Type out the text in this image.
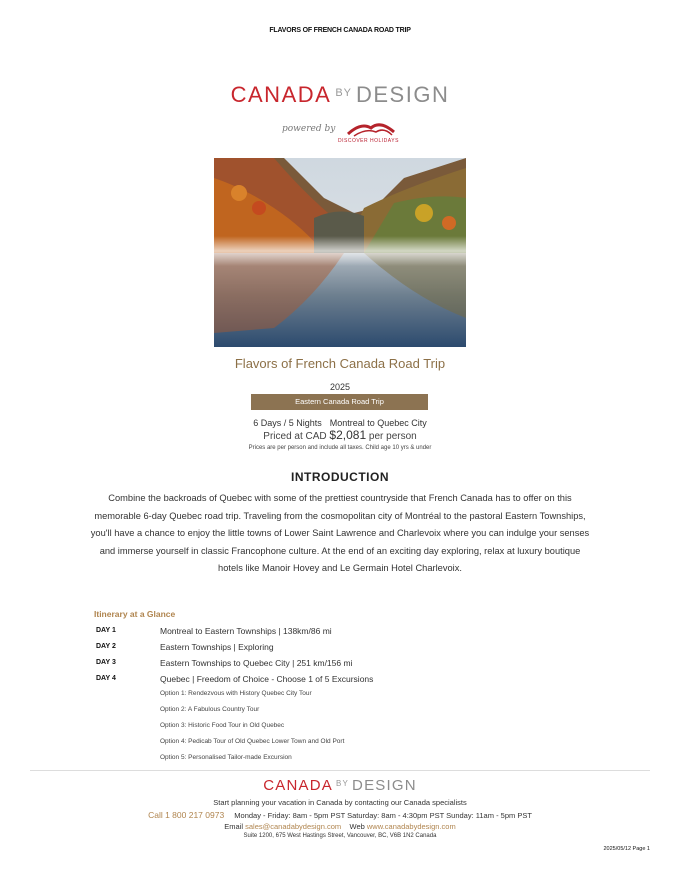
FLAVORS OF FRENCH CANADA ROAD TRIP
CANADA $^{BY}$ DESIGN
powered by
DISCOVER HOLIDAYS
Flavors of French Canada Road Trip
2025
Eastern Canada Road Trip
6 Days / 5 Nights Montreal to Quebec City
Priced at CAD $2,081 per person
Prices are per person and include all taxes. Child age 10 yrs & under
INTRODUCTION
Combine the backroads of Quebec with some of the prettiest countryside that French Canada has to offer on this memorable 6-day Quebec road trip. Traveling from the cosmopolitan city of Montréal to the pastoral Eastern Townships, you'll have a chance to enjoy the little towns of Lower Saint Lawrence and Charlevoix where you can indulge your senses and immerse yourself in classic Francophone culture. At the end of an exciting day exploring, relax at luxury boutique hotels like Manoir Hovey and Le Germain Hotel Charlevoix.
Itinerary at a Glance
DAY 1	Montreal to Eastern Townships | 138km/86 mi
DAY 2	Eastern Townships | Exploring
DAY 3	Eastern Townships to Quebec City | 251 km/156 mi
DAY 4	Quebec | Freedom of Choice - Choose 1 of 5 Excursions
Option 1: Rendezvous with History Quebec City Tour
Option 2: A Fabulous Country Tour
Option 3: Historic Food Tour in Old Quebec
Option 4: Pedicab Tour of Old Quebec Lower Town and Old Port
Option 5: Personalised Tailor-made Excursion
CANADA $^{BY}$ DESIGN
Start planning your vacation in Canada by contacting our Canada specialists
Call 1 800 217 0973 Monday - Friday: 8am - 5pm PST Saturday: 8am - 4:30pm PST Sunday: 11am - 5pm PST
Email sales@canadabydesign.com Web www.canadabydesign.com
Suite 1200, 675 West Hastings Street, Vancouver, BC, V6B 1N2 Canada
2025/05/12 Page 1
